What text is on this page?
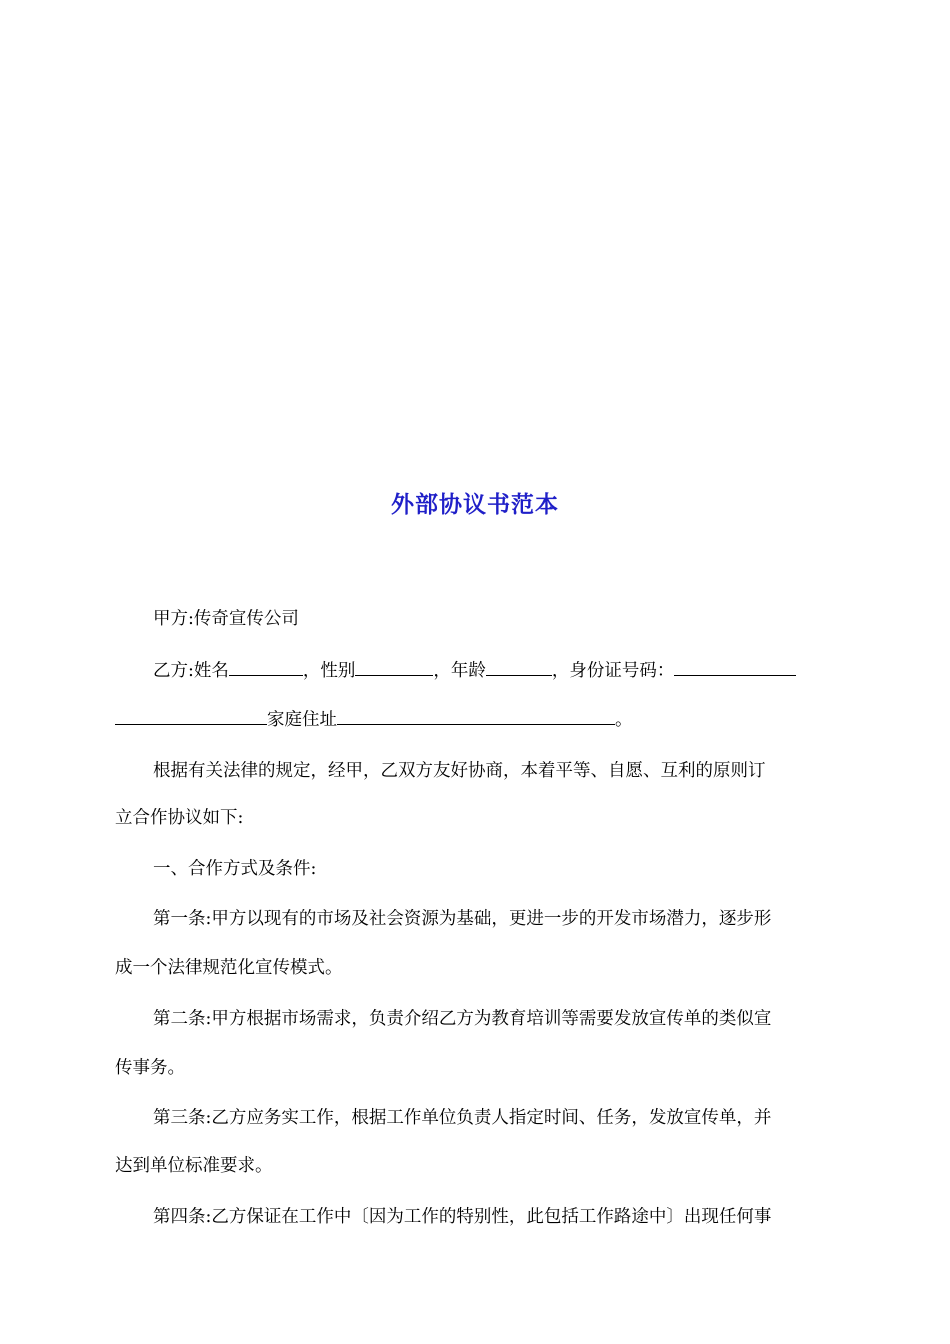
外部协议书范本
甲方:传奇宣传公司
乙方:姓名	，性别	，年龄	，身份证号码：
家庭住址	。
根据有关法律的规定，经甲，乙双方友好协商，本着平等、自愿、互利的原则订
立合作协议如下:
一、合作方式及条件:
第一条:甲方以现有的市场及社会资源为基础，更进一步的开发市场潜力，逐步形
成一个法律规范化宣传模式。
第二条:甲方根据市场需求，负责介绍乙方为教育培训等需要发放宣传单的类似宣
传事务。
第三条:乙方应务实工作，根据工作单位负责人指定时间、任务，发放宣传单，并
达到单位标准要求。
第四条:乙方保证在工作中〔因为工作的特别性，此包括工作路途中〕出现任何事
